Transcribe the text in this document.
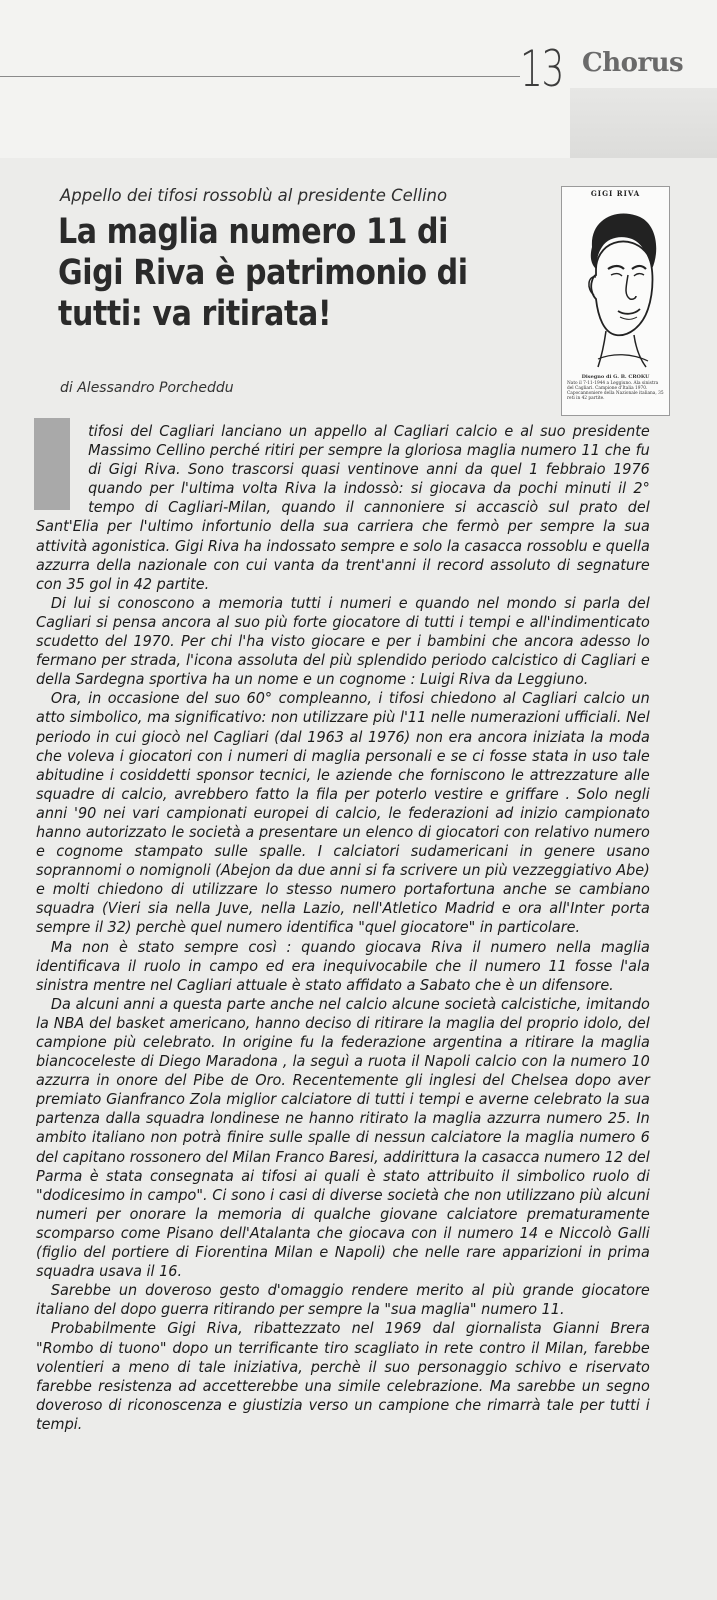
13 Chorus
Appello dei tifosi rossoblù al presidente Cellino
La maglia numero 11 di Gigi Riva è patrimonio di tutti: va ritirata!
di Alessandro Porcheddu
GIGI RIVA
Disegno di G. B. CROKU
Nato il 7-11-1944 a Leggiuno. Ala sinistra del Cagliari. Campione d'Italia 1970. Capocannoniere della Nazionale italiana, 35 reti in 42 partite.

tifosi del Cagliari lanciano un appello al Cagliari calcio e al suo presidente Massimo Cellino perché ritiri per sempre la gloriosa maglia numero 11 che fu di Gigi Riva. Sono trascorsi quasi ventinove anni da quel 1 febbraio 1976 quando per l'ultima volta Riva la indossò: si giocava da pochi minuti il 2° tempo di Cagliari-Milan, quando il cannoniere si accasciò sul prato del Sant'Elia per l'ultimo infortunio della sua carriera che fermò per sempre la sua attività agonistica. Gigi Riva ha indossato sempre e solo la casacca rossoblu e quella azzurra della nazionale con cui vanta da trent'anni il record assoluto di segnature con 35 gol in 42 partite.

Di lui si conoscono a memoria tutti i numeri e quando nel mondo si parla del Cagliari si pensa ancora al suo più forte giocatore di tutti i tempi e all'indimenticato scudetto del 1970. Per chi l'ha visto giocare e per i bambini che ancora adesso lo fermano per strada, l'icona assoluta del più splendido periodo calcistico di Cagliari e della Sardegna sportiva ha un nome e un cognome : Luigi Riva da Leggiuno.

Ora, in occasione del suo 60° compleanno, i tifosi chiedono al Cagliari calcio un atto simbolico, ma significativo: non utilizzare più l'11 nelle numerazioni ufficiali. Nel periodo in cui giocò nel Cagliari (dal 1963 al 1976) non era ancora iniziata la moda che voleva i giocatori con i numeri di maglia personali e se ci fosse stata in uso tale abitudine i cosiddetti sponsor tecnici, le aziende che forniscono le attrezzature alle squadre di calcio, avrebbero fatto la fila per poterlo vestire e griffare . Solo negli anni '90 nei vari campionati europei di calcio, le federazioni ad inizio campionato hanno autorizzato le società a presentare un elenco di giocatori con relativo numero e cognome stampato sulle spalle. I calciatori sudamericani in genere usano soprannomi o nomignoli (Abejon da due anni si fa scrivere un più vezzeggiativo Abe) e molti chiedono di utilizzare lo stesso numero portafortuna anche se cambiano squadra (Vieri sia nella Juve, nella Lazio, nell'Atletico Madrid e ora all'Inter porta sempre il 32) perchè quel numero identifica "quel giocatore" in particolare.

Ma non è stato sempre così : quando giocava Riva il numero nella maglia identificava il ruolo in campo ed era inequivocabile che il numero 11 fosse l'ala sinistra mentre nel Cagliari attuale è stato affidato a Sabato che è un difensore.

Da alcuni anni a questa parte anche nel calcio alcune società calcistiche, imitando la NBA del basket americano, hanno deciso di ritirare la maglia del proprio idolo, del campione più celebrato. In origine fu la federazione argentina a ritirare la maglia biancoceleste di Diego Maradona , la seguì a ruota il Napoli calcio con la numero 10 azzurra in onore del Pibe de Oro. Recentemente gli inglesi del Chelsea dopo aver premiato Gianfranco Zola miglior calciatore di tutti i tempi e averne celebrato la sua partenza dalla squadra londinese ne hanno ritirato la maglia azzurra numero 25. In ambito italiano non potrà finire sulle spalle di nessun calciatore la maglia numero 6 del capitano rossonero del Milan Franco Baresi, addirittura la casacca numero 12 del Parma è stata consegnata ai tifosi ai quali è stato attribuito il simbolico ruolo di "dodicesimo in campo". Ci sono i casi di diverse società che non utilizzano più alcuni numeri per onorare la memoria di qualche giovane calciatore prematuramente scomparso come Pisano dell'Atalanta che giocava con il numero 14 e Niccolò Galli (figlio del portiere di Fiorentina Milan e Napoli) che nelle rare apparizioni in prima squadra usava il 16.

Sarebbe un doveroso gesto d'omaggio rendere merito al più grande giocatore italiano del dopo guerra ritirando per sempre la "sua maglia" numero 11.

Probabilmente Gigi Riva, ribattezzato nel 1969 dal giornalista Gianni Brera "Rombo di tuono" dopo un terrificante tiro scagliato in rete contro il Milan, farebbe volentieri a meno di tale iniziativa, perchè il suo personaggio schivo e riservato farebbe resistenza ad accetterebbe una simile celebrazione. Ma sarebbe un segno doveroso di riconoscenza e giustizia verso un campione che rimarrà tale per tutti i tempi.
